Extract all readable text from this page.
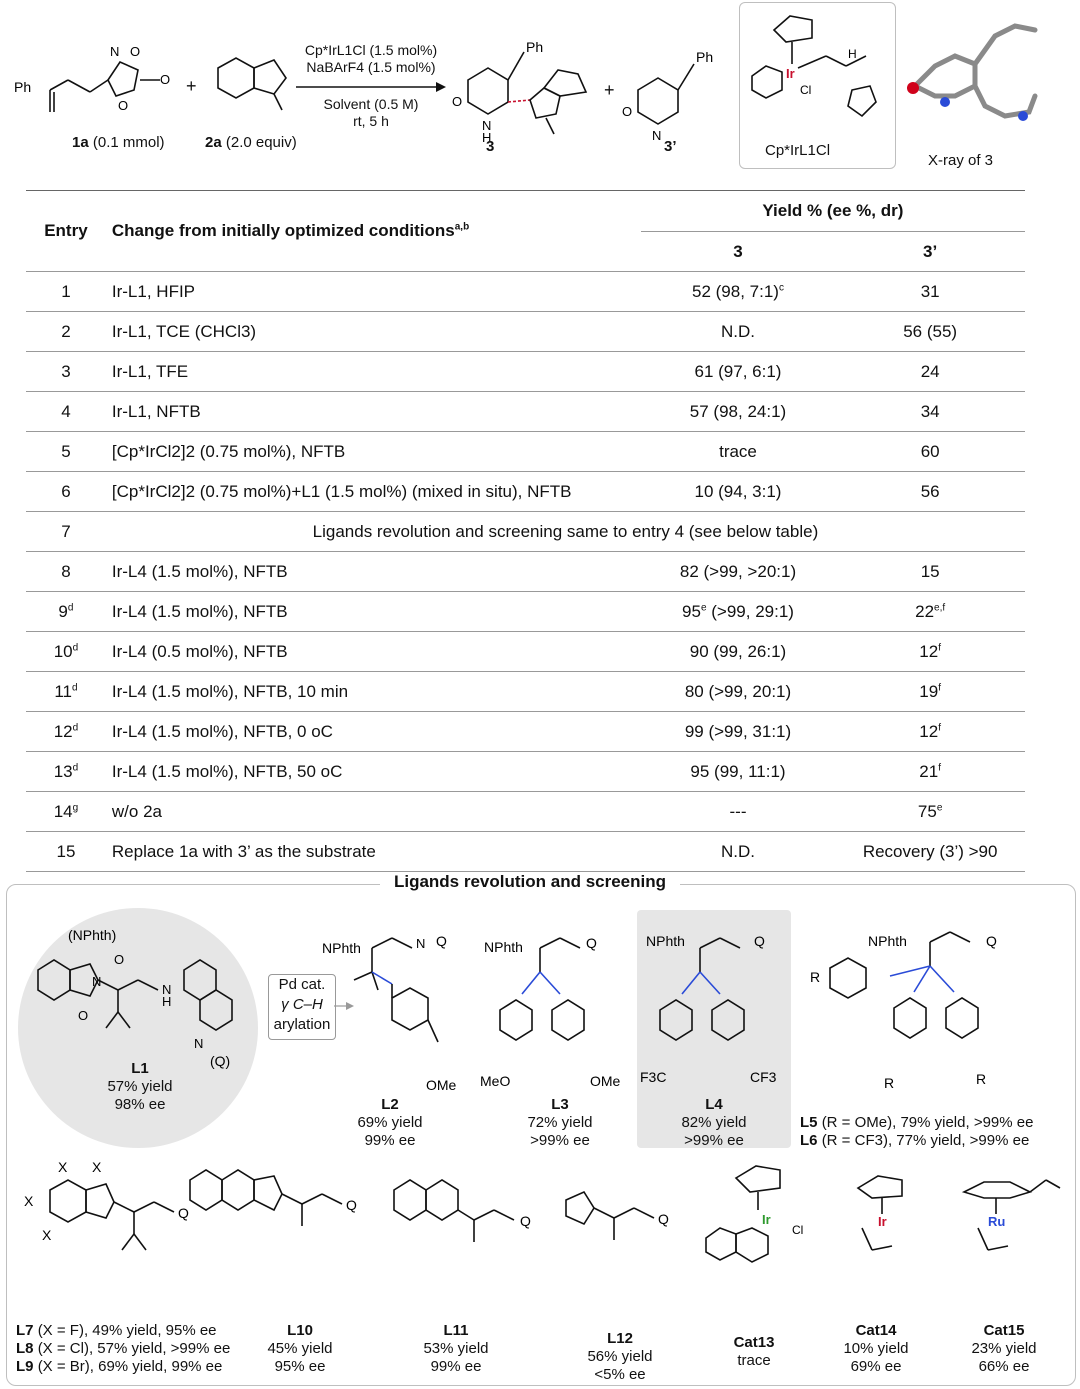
Ph
N O
O
O
1a (0.1 mmol)
+
2a (2.0 equiv)
Cp*IrL1Cl (1.5 mol%)
NaBArF4 (1.5 mol%)
Solvent (0.5 M)
rt, 5 h
Ph
O
N
H
3
+
Ph
O
N
3’
Ir
Cl
H
Cp*IrL1Cl
X-ray of 3
Entry	Change from initially optimized conditions$^{a,b}$	Yield % (ee %, dr)	
		3	3’
1	Ir-L1, HFIP	52 (98, 7:1)$^c$	31
2	Ir-L1, TCE (CHCl3)	N.D.	56 (55)
3	Ir-L1, TFE	61 (97, 6:1)	24
4	Ir-L1, NFTB	57 (98, 24:1)	34
5	[Cp*IrCl2]2 (0.75 mol%), NFTB	trace	60
6	[Cp*IrCl2]2 (0.75 mol%)+L1 (1.5 mol%) (mixed in situ), NFTB	10 (94, 3:1)	56
7	Ligands revolution and screening same to entry 4 (see below table)		
8	Ir-L4 (1.5 mol%), NFTB	82 (>99, >20:1)	15
9$^d$	Ir-L4 (1.5 mol%), NFTB	95e (>99, 29:1)	22$^{e,f}$
10$^d$	Ir-L4 (0.5 mol%), NFTB	90 (99, 26:1)	12$^f$
11$^d$	Ir-L4 (1.5 mol%), NFTB, 10 min	80 (>99, 20:1)	19$^f$
12$^d$	Ir-L4 (1.5 mol%), NFTB, 0 oC	99 (>99, 31:1)	12$^f$
13$^d$	Ir-L4 (1.5 mol%), NFTB, 50 oC	95 (99, 11:1)	21$^f$
14$^g$	w/o 2a	---	75e
15	Replace 1a with 3’ as the substrate	N.D.	Recovery (3’) >90
Ligands revolution and screening
(NPhth)
N
N
H
N
(Q)
O
O
L1
57% yield
98% ee
Pd cat.
γ C–H
arylation
NPhth	N Q
OMe
L2
69% yield
99% ee
NPhth	Q
MeO	OMe
L3
72% yield
>99% ee
NPhth	Q
F3C	CF3
L4
82% yield
>99% ee
NPhth	Q
R
R	R
L5 (R = OMe), 79% yield, >99% ee
L6 (R = CF3), 77% yield, >99% ee
X X
X
X
Q
L7 (X = F), 49% yield, 95% ee
L8 (X = Cl), 57% yield, >99% ee
L9 (X = Br), 69% yield, 99% ee
Q
L10
45% yield
95% ee
Q
L11
53% yield
99% ee
Q
L12
56% yield
<5% ee
Ir
Cl
Cat13
trace
Ir
Cat14
10% yield
69% ee
Ru
Cat15
23% yield
66% ee
